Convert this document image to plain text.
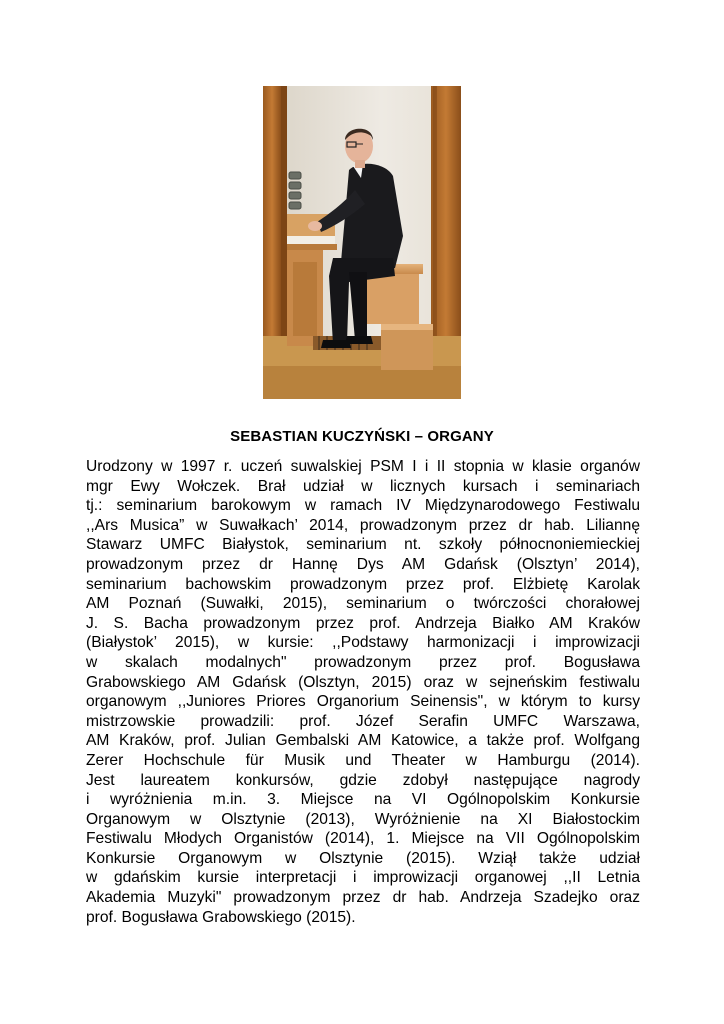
SEBASTIAN KUCZYŃSKI – ORGANY
Urodzony w 1997 r. uczeń suwalskiej PSM I i II stopnia w klasie organów
mgr Ewy Wołczek. Brał udział w licznych kursach i seminariach
tj.: seminarium barokowym w ramach IV Międzynarodowego Festiwalu
,,Ars Musica” w Suwałkach’ 2014, prowadzonym przez dr hab. Liliannę
Stawarz UMFC Białystok, seminarium nt. szkoły północnoniemieckiej
prowadzonym przez dr Hannę Dys AM Gdańsk (Olsztyn’ 2014),
seminarium bachowskim prowadzonym przez prof. Elżbietę Karolak
AM Poznań (Suwałki, 2015), seminarium o twórczości chorałowej
J. S. Bacha prowadzonym przez prof. Andrzeja Białko AM Kraków
(Białystok’ 2015), w kursie: ,,Podstawy harmonizacji i improwizacji
w skalach modalnych" prowadzonym przez prof. Bogusława
Grabowskiego AM Gdańsk (Olsztyn, 2015) oraz w sejneńskim festiwalu
organowym ,,Juniores Priores Organorium Seinensis", w którym to kursy
mistrzowskie prowadzili: prof. Józef Serafin UMFC Warszawa,
AM Kraków, prof. Julian Gembalski AM Katowice, a także prof. Wolfgang
Zerer Hochschule für Musik und Theater w Hamburgu (2014).
Jest laureatem konkursów, gdzie zdobył następujące nagrody
i wyróżnienia m.in. 3. Miejsce na VI Ogólnopolskim Konkursie
Organowym w Olsztynie (2013), Wyróżnienie na XI Białostockim
Festiwalu Młodych Organistów (2014), 1. Miejsce na VII Ogólnopolskim
Konkursie Organowym w Olsztynie (2015). Wziął także udział
w gdańskim kursie interpretacji i improwizacji organowej ,,II Letnia
Akademia Muzyki" prowadzonym przez dr hab. Andrzeja Szadejko oraz
prof. Bogusława Grabowskiego (2015).
